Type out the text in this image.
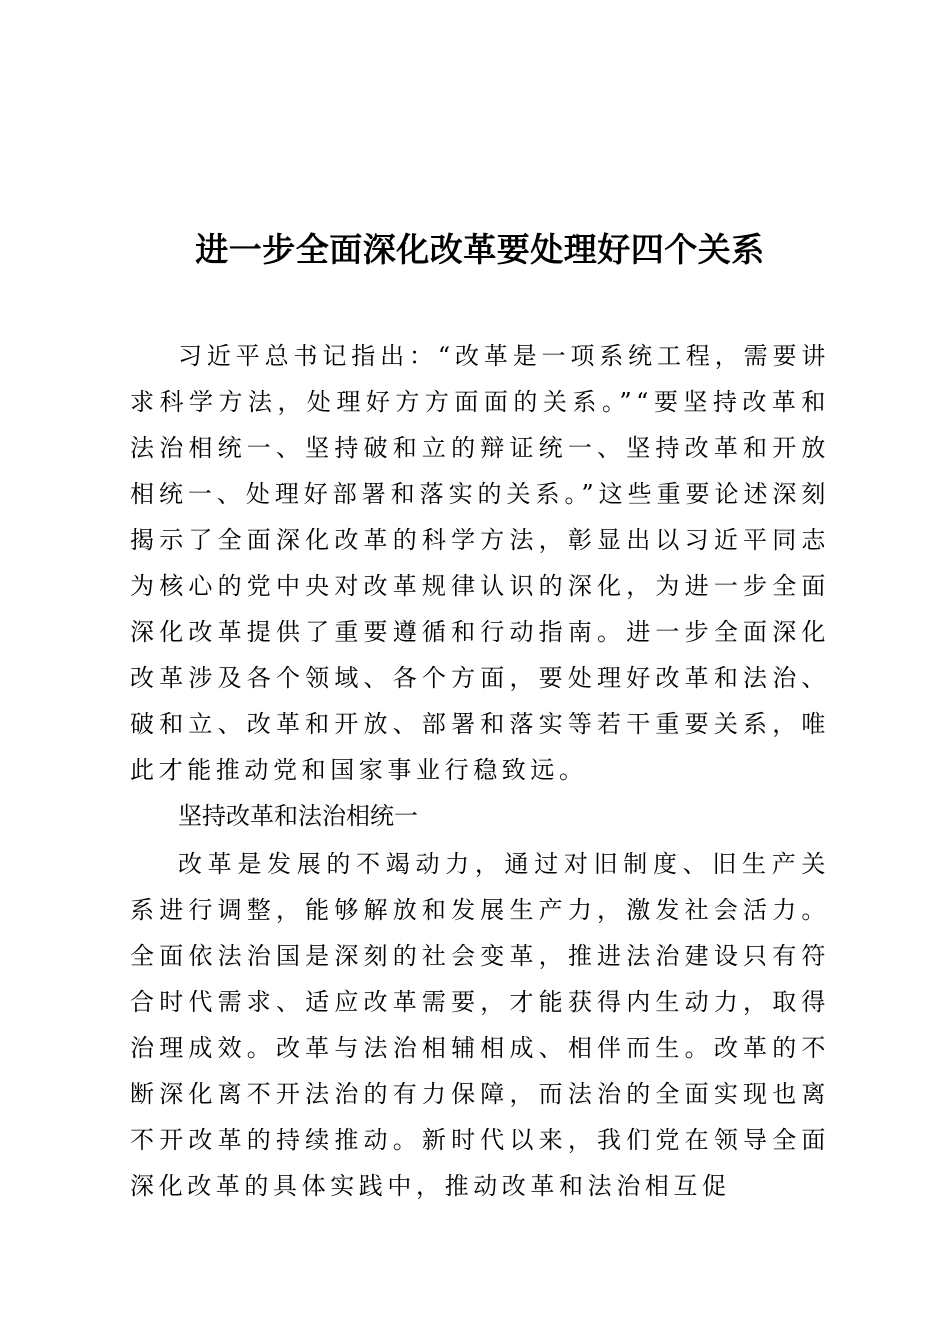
进一步全面深化改革要处理好四个关系

习近平总书记指出：“改革是一项系统工程，需要讲求科学方法，处理好方方面面的关系。”“要坚持改革和法治相统一、坚持破和立的辩证统一、坚持改革和开放相统一、处理好部署和落实的关系。”这些重要论述深刻揭示了全面深化改革的科学方法，彰显出以习近平同志为核心的党中央对改革规律认识的深化，为进一步全面深化改革提供了重要遵循和行动指南。进一步全面深化改革涉及各个领域、各个方面，要处理好改革和法治、破和立、改革和开放、部署和落实等若干重要关系，唯此才能推动党和国家事业行稳致远。

坚持改革和法治相统一

改革是发展的不竭动力，通过对旧制度、旧生产关系进行调整，能够解放和发展生产力，激发社会活力。全面依法治国是深刻的社会变革，推进法治建设只有符合时代需求、适应改革需要，才能获得内生动力，取得治理成效。改革与法治相辅相成、相伴而生。改革的不断深化离不开法治的有力保障，而法治的全面实现也离不开改革的持续推动。新时代以来，我们党在领导全面深化改革的具体实践中，推动改革和法治相互促
